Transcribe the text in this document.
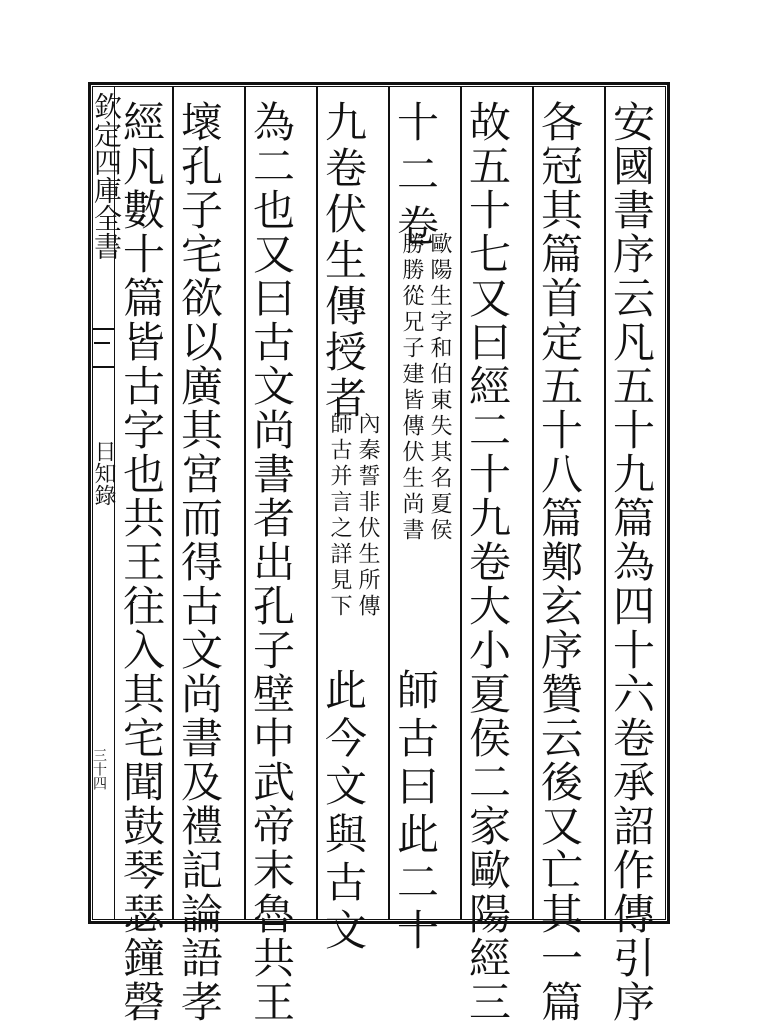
欽定四庫全書
日知錄
三十四	安國書序云凡五十九篇為四十六卷承詔作傳引序
各冠其篇首定五十八篇鄭玄序贊云後又亡其一篇
故五十七又曰經二十九卷大小夏侯二家歐陽經三
十二卷
歐陽生字和伯東失其名夏侯
勝勝從兄子建皆傳伏生尚書
師古曰此二十
九卷伏生傳授者
內秦誓非伏生所傳
師古并言之詳見下
此今文與古文
為二也又曰古文尚書者出孔子壁中武帝末魯共王
壞孔子宅欲以廣其宮而得古文尚書及禮記論語孝
經凡數十篇皆古字也共王往入其宅聞鼓琴瑟鐘磬
